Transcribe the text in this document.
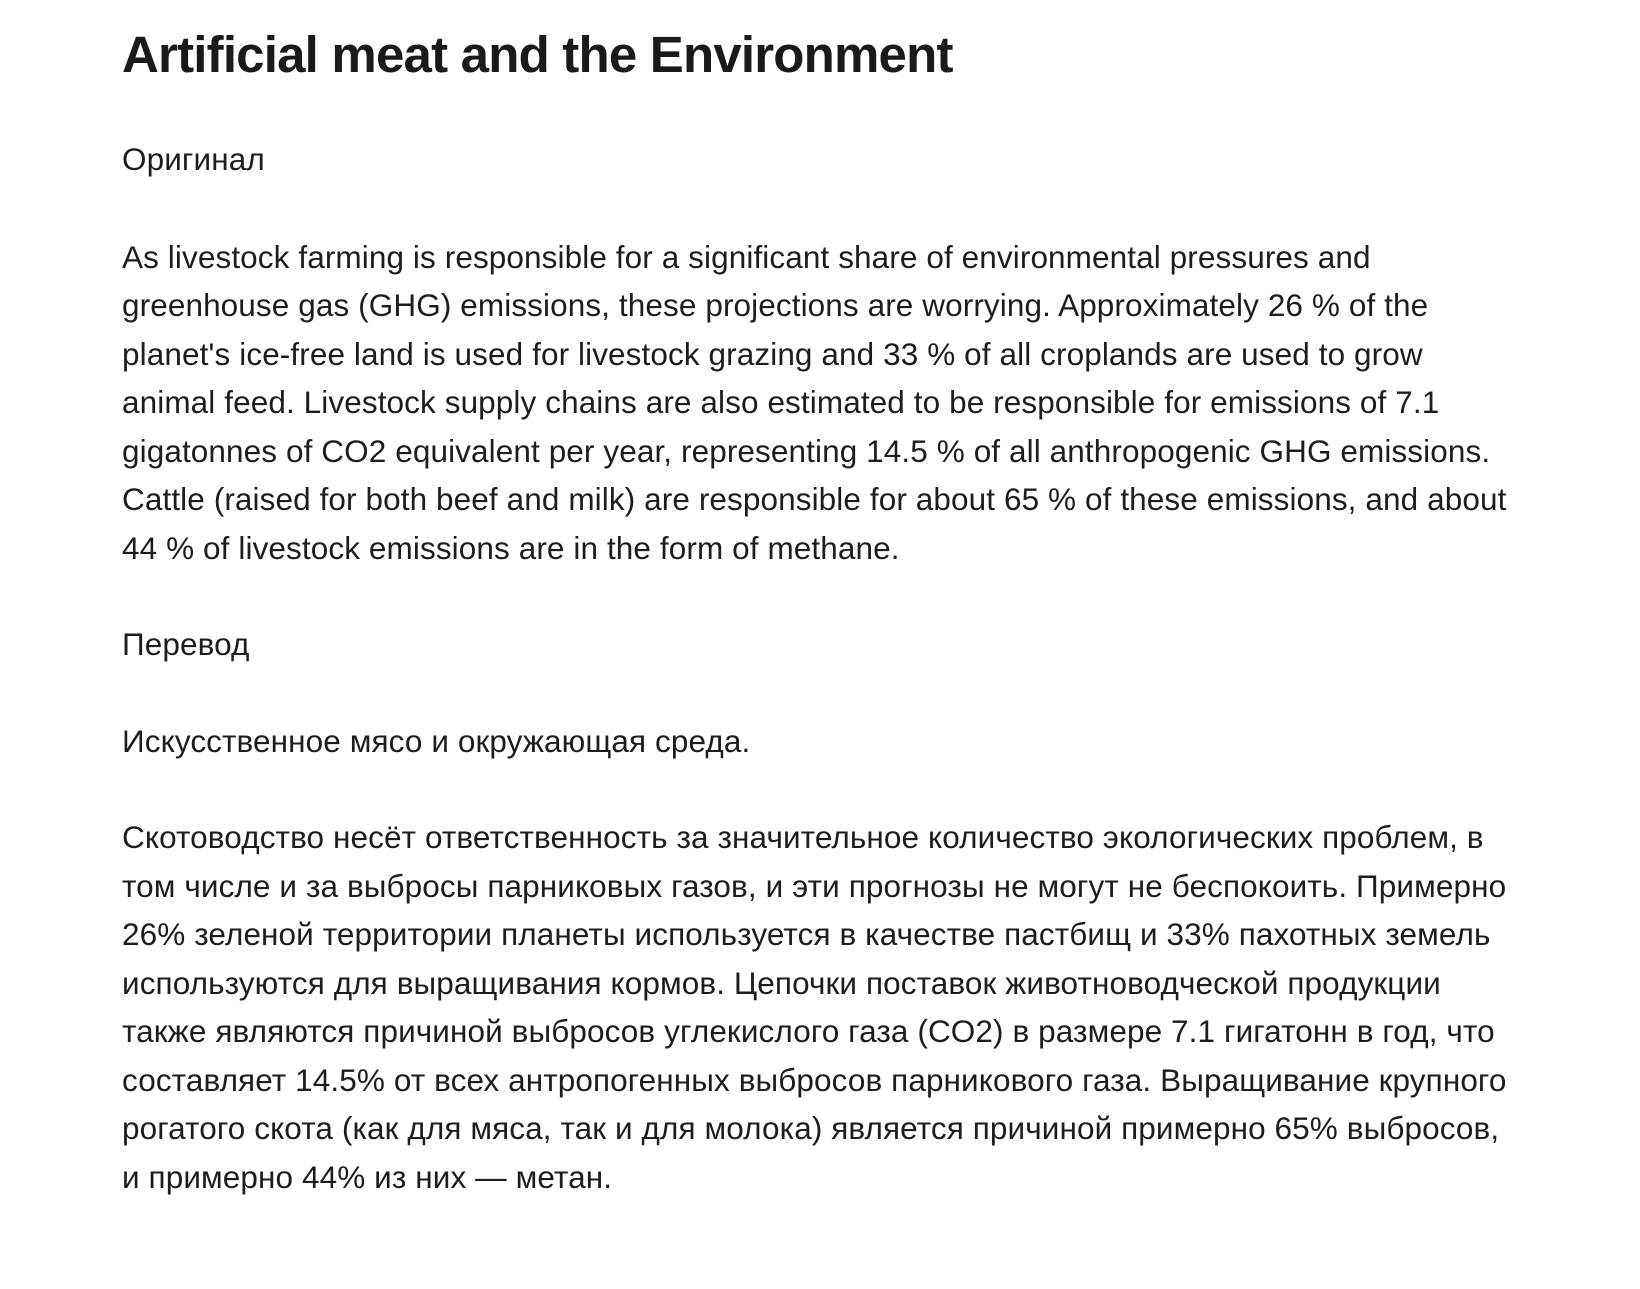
Artificial meat and the Environment

Оригинал

As livestock farming is responsible for a significant share of environmental pressures and greenhouse gas (GHG) emissions, these projections are worrying. Approximately 26 % of the planet's ice-free land is used for livestock grazing and 33 % of all croplands are used to grow animal feed. Livestock supply chains are also estimated to be responsible for emissions of 7.1 gigatonnes of CO2 equivalent per year, representing 14.5 % of all anthropogenic GHG emissions. Cattle (raised for both beef and milk) are responsible for about 65 % of these emissions, and about 44 % of livestock emissions are in the form of methane.

Перевод

Искусственное мясо и окружающая среда.

Скотоводство несёт ответственность за значительное количество экологических проблем, в том числе и за выбросы парниковых газов, и эти прогнозы не могут не беспокоить. Примерно 26% зеленой территории планеты используется в качестве пастбищ и 33% пахотных земель используются для выращивания кормов. Цепочки поставок животноводческой продукции также являются причиной выбросов углекислого газа (CO2) в размере 7.1 гигатонн в год, что составляет 14.5% от всех антропогенных выбросов парникового газа. Выращивание крупного рогатого скота (как для мяса, так и для молока) является причиной примерно 65% выбросов, и примерно 44% из них — метан.
